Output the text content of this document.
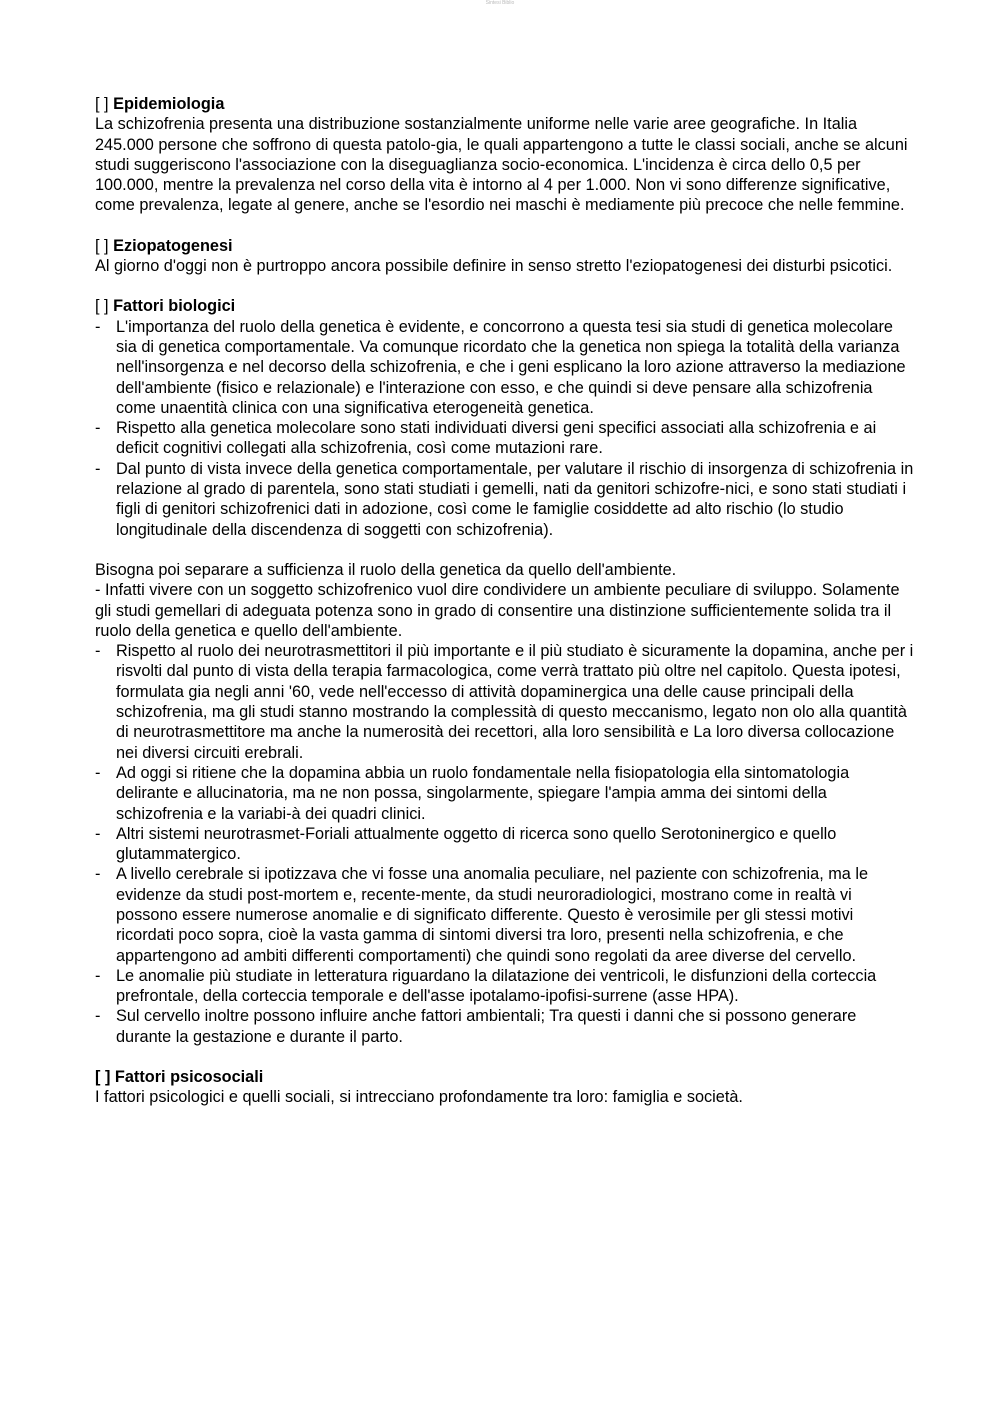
Sintesi Biblio

[ ] Epidemiologia

La schizofrenia presenta una distribuzione sostanzialmente uniforme nelle varie aree geografiche. In Italia 245.000 persone che soffrono di questa patolo-gia, le quali appartengono a tutte le classi sociali, anche se alcuni studi suggeriscono l'associazione con la diseguaglianza socio-economica. L'incidenza è circa dello 0,5 per 100.000, mentre la prevalenza nel corso della vita è intorno al 4 per 1.000. Non vi sono differenze significative, come prevalenza, legate al genere, anche se l'esordio nei maschi è mediamente più precoce che nelle femmine.

[ ] Eziopatogenesi

Al giorno d'oggi non è purtroppo ancora possibile definire in senso stretto l'eziopatogenesi dei disturbi psicotici.

[ ] Fattori biologici

- L'importanza del ruolo della genetica è evidente, e concorrono a questa tesi sia studi di genetica molecolare sia di genetica comportamentale. Va comunque ricordato che la genetica non spiega la totalità della varianza nell'insorgenza e nel decorso della schizofrenia, e che i geni esplicano la loro azione attraverso la mediazione dell'ambiente (fisico e relazionale) e l'interazione con esso, e che quindi si deve pensare alla schizofrenia come unaentità clinica con una significativa eterogeneità genetica.
- Rispetto alla genetica molecolare sono stati individuati diversi geni specifici associati alla schizofrenia e ai deficit cognitivi collegati alla schizofrenia, così come mutazioni rare.
- Dal punto di vista invece della genetica comportamentale, per valutare il rischio di insorgenza di schizofrenia in relazione al grado di parentela, sono stati studiati i gemelli, nati da genitori schizofre-nici, e sono stati studiati i figli di genitori schizofrenici dati in adozione, così come le famiglie cosiddette ad alto rischio (lo studio longitudinale della discendenza di soggetti con schizofrenia).

Bisogna poi separare a sufficienza il ruolo della genetica da quello dell'ambiente.

- Infatti vivere con un soggetto schizofrenico vuol dire condividere un ambiente peculiare di sviluppo. Solamente gli studi gemellari di adeguata potenza sono in grado di consentire una distinzione sufficientemente solida tra il ruolo della genetica e quello dell'ambiente.

- Rispetto al ruolo dei neurotrasmettitori il più importante e il più studiato è sicuramente la dopamina, anche per i risvolti dal punto di vista della terapia farmacologica, come verrà trattato più oltre nel capitolo. Questa ipotesi, formulata gia negli anni '60, vede nell'eccesso di attività dopaminergica una delle cause principali della schizofrenia, ma gli studi stanno mostrando la complessità di questo meccanismo, legato non olo alla quantità di neurotrasmettitore ma anche la numerosità dei recettori, alla loro sensibilità e La loro diversa collocazione nei diversi circuiti erebrali.
- Ad oggi si ritiene che la dopamina abbia un ruolo fondamentale nella fisiopatologia ella sintomatologia delirante e allucinatoria, ma ne non possa, singolarmente, spiegare l'ampia amma dei sintomi della schizofrenia e la variabi-à dei quadri clinici.
- Altri sistemi neurotrasmet-Foriali attualmente oggetto di ricerca sono quello Serotoninergico e quello glutammatergico.
- A livello cerebrale si ipotizzava che vi fosse una anomalia peculiare, nel paziente con schizofrenia, ma le evidenze da studi post-mortem e, recente-mente, da studi neuroradiologici, mostrano come in realtà vi possono essere numerose anomalie e di significato differente. Questo è verosimile per gli stessi motivi ricordati poco sopra, cioè la vasta gamma di sintomi diversi tra loro, presenti nella schizofrenia, e che appartengono ad ambiti differenti comportamenti) che quindi sono regolati da aree diverse del cervello.
- Le anomalie più studiate in letteratura riguardano la dilatazione dei ventricoli, le disfunzioni della corteccia prefrontale, della corteccia temporale e dell'asse ipotalamo-ipofisi-surrene (asse HPA).
- Sul cervello inoltre possono influire anche fattori ambientali; Tra questi i danni che si possono generare durante la gestazione e durante il parto.

[ ] Fattori psicosociali

I fattori psicologici e quelli sociali, si intrecciano profondamente tra loro: famiglia e società.
